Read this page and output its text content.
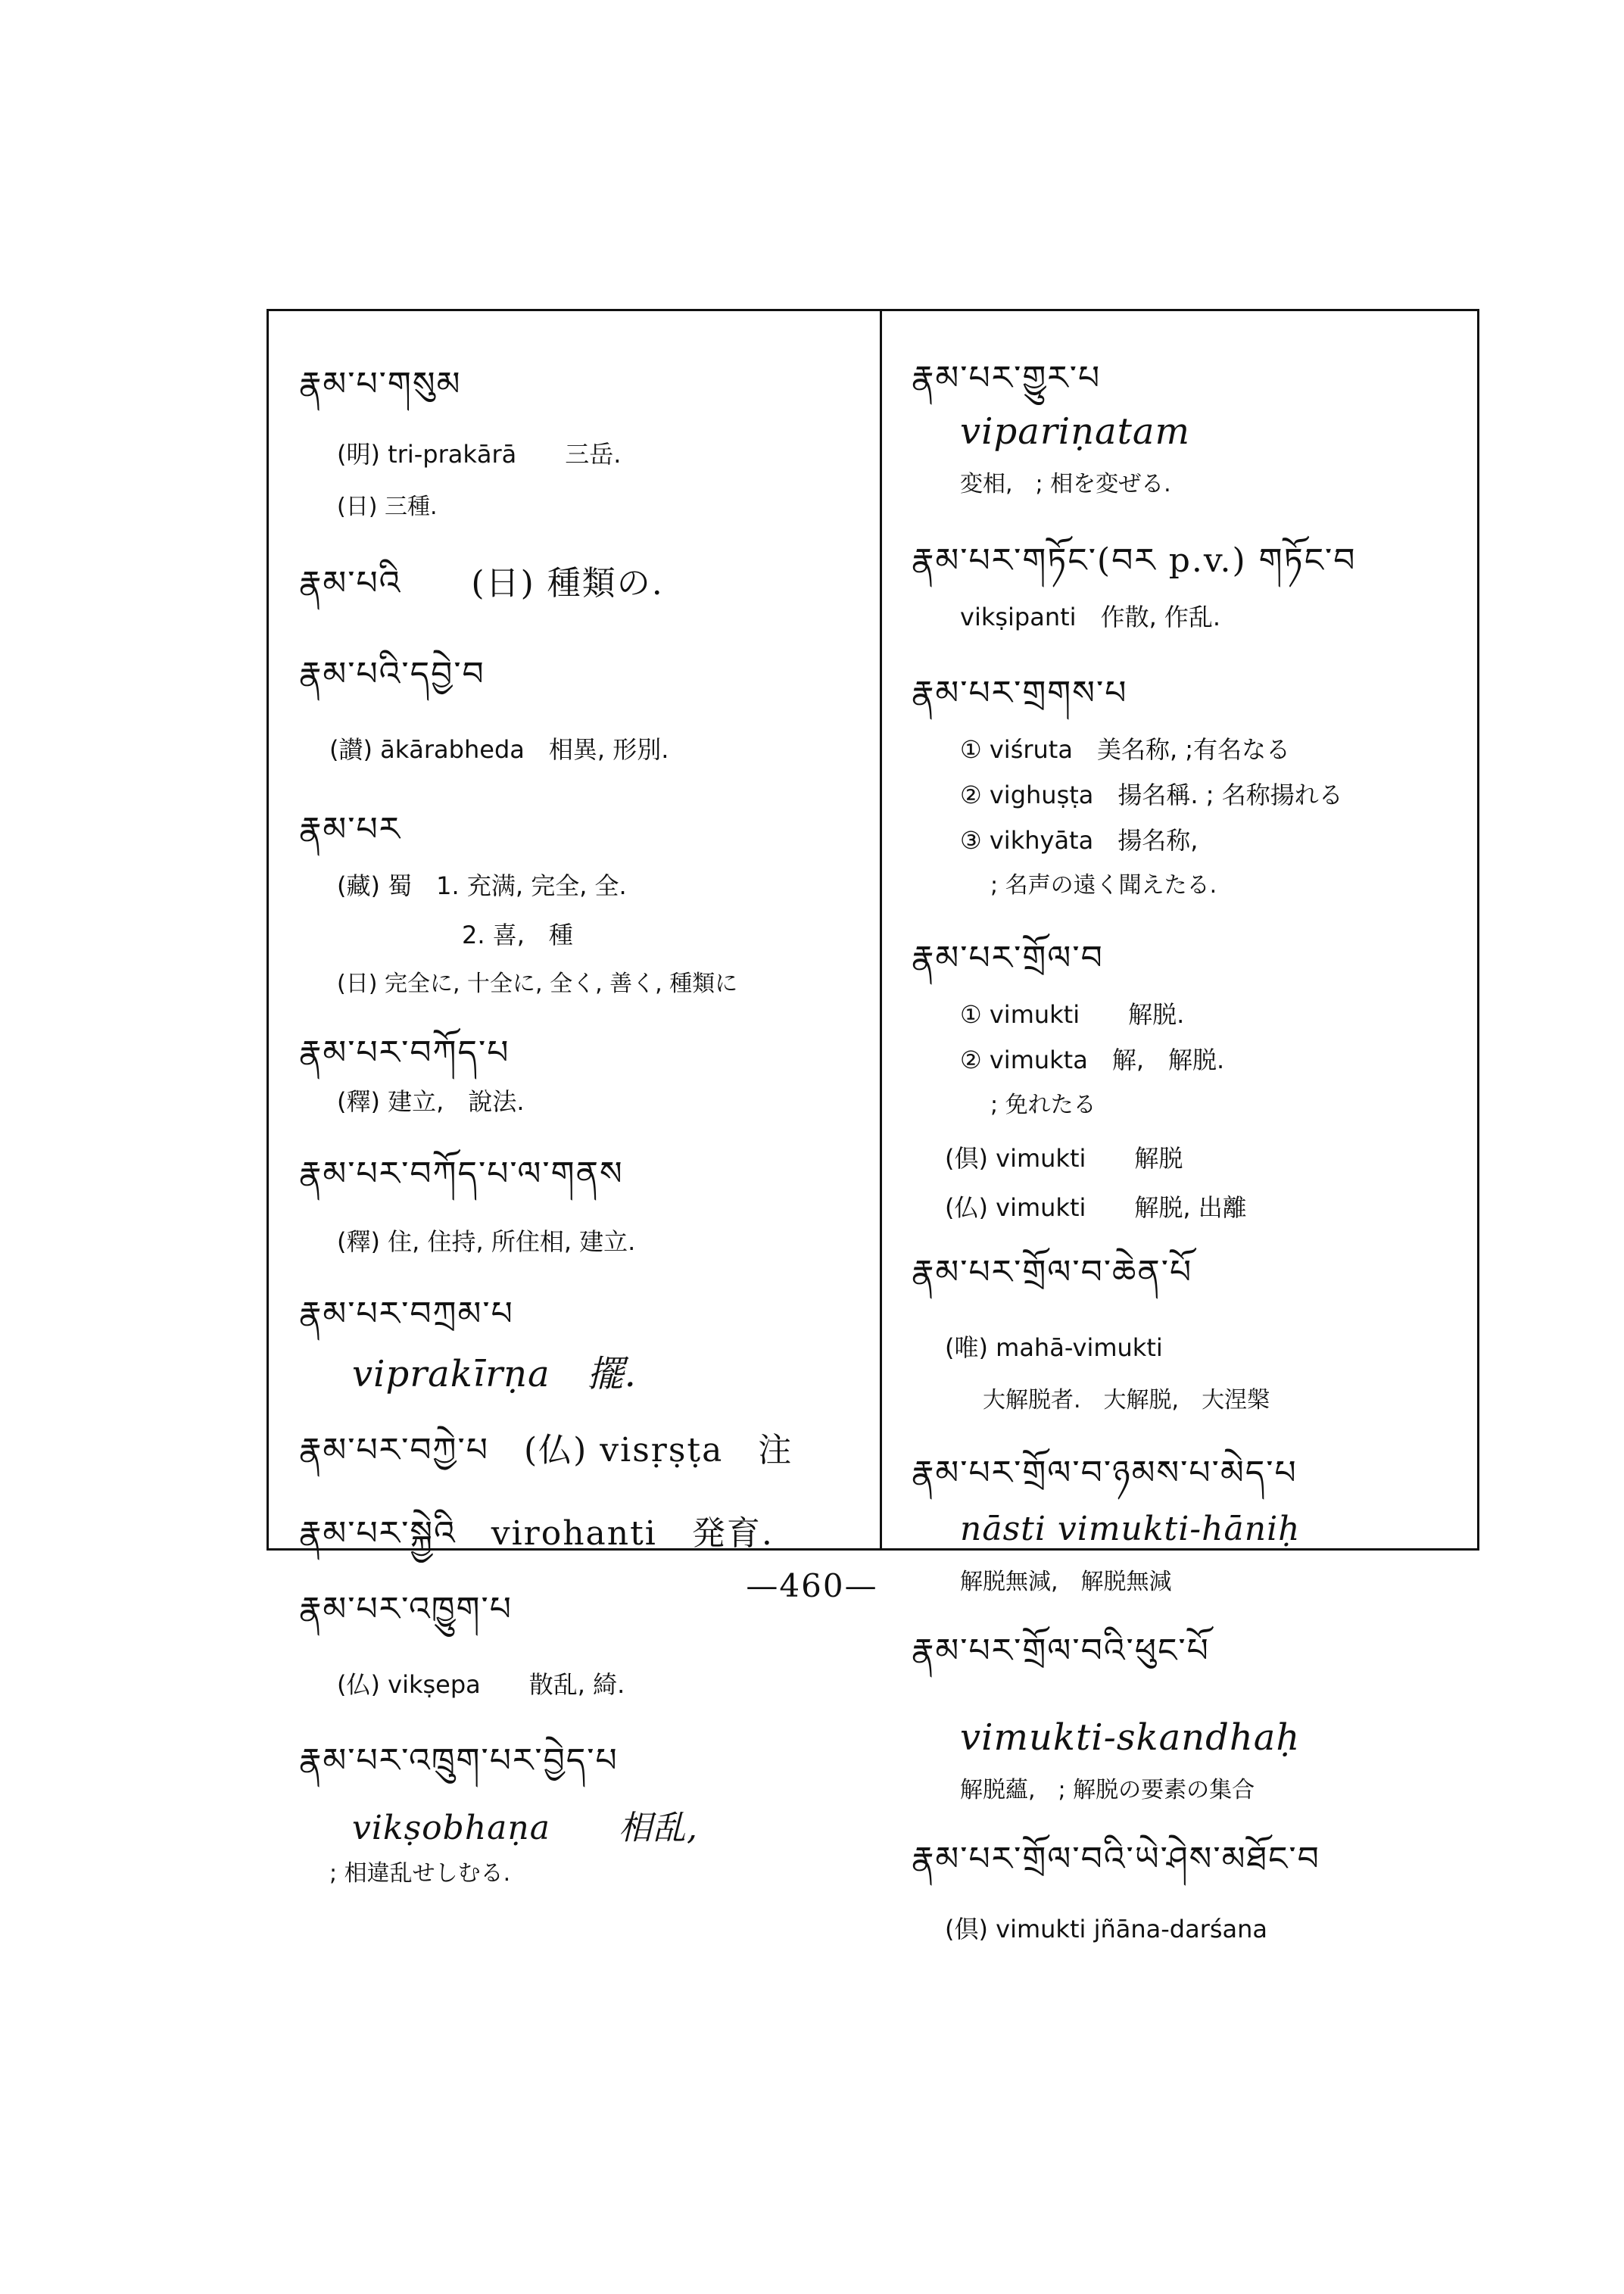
རྣམ་པ་གསུམ
(明) tri-prakārā　　三岳.
(日) 三種.
རྣམ་པའི　　(日) 種類の.
རྣམ་པའི་དབྱེ་བ
(讃) ākārabheda　相異, 形別.
རྣམ་པར
(藏) 蜀　1. 充满, 完全, 全.
2. 喜,　種
(日) 完全に, 十全に, 全く, 善く, 種類に
རྣམ་པར་བཀོད་པ
(釋) 建立,　說法.
རྣམ་པར་བཀོད་པ་ལ་གནས
(釋) 住, 住持, 所住相, 建立.
རྣམ་པར་བཀྲམ་པ
viprakīrṇa　擺.
རྣམ་པར་བཀྱེ་པ　(仏) visṛṣṭa　注
རྣམ་པར་སྐྱེའི　virohanti　発育.
རྣམ་པར་འཁྱུག་པ
(仏) vikṣepa　　散乱, 綺.
རྣམ་པར་འཁྲུག་པར་བྱེད་པ
vikṣobhaṇa　　相乱,
; 相違乱せしむる.
རྣམ་པར་གྱུར་པ
vipariṇatam
変相,　; 相を変ぜる.
རྣམ་པར་གཏོང་(བར p.v.) གཏོང་བ
vikṣipanti　作散, 作乱.
རྣམ་པར་གྲགས་པ
① viśruta　美名称, ;有名なる
② vighuṣṭa　揚名稱. ; 名称揚れる
③ vikhyāta　揚名称,
; 名声の遠く聞えたる.
རྣམ་པར་གྲོལ་བ
① vimukti　　解脱.
② vimukta　解,　解脱.
; 免れたる
(倶) vimukti　　解脱
(仏) vimukti　　解脱, 出離
རྣམ་པར་གྲོལ་བ་ཆེན་པོ
(唯) mahā-vimukti
大解脱者.　大解脱,　大涅槃
རྣམ་པར་གྲོལ་བ་ཉམས་པ་མེད་པ
nāsti vimukti-hāniḥ
解脱無減,　解脱無減
རྣམ་པར་གྲོལ་བའི་ཕུང་པོ
vimukti-skandhaḥ
解脱蘊,　; 解脱の要素の集合
རྣམ་པར་གྲོལ་བའི་ཡེ་ཤེས་མཐོང་བ
(倶) vimukti jñāna-darśana
—460—
